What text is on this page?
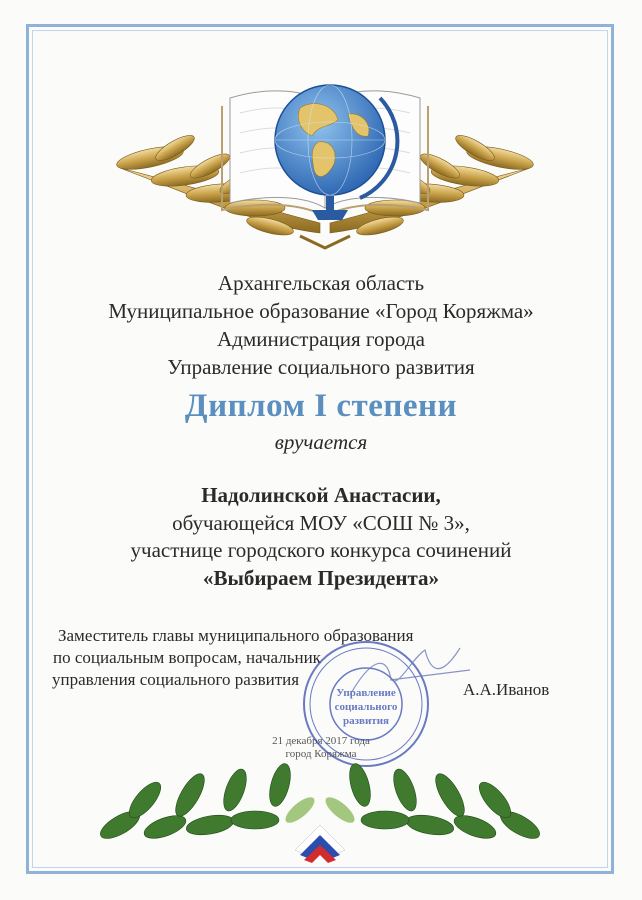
Архангельская область
Муниципальное образование «Город Коряжма»
Администрация города
Управление социального развития
Диплом I степени
вручается
Надолинской Анастасии,
обучающейся МОУ «СОШ № 3»,
участнице городского конкурса сочинений
«Выбираем Президента»
Заместитель главы муниципального образования
по социальным вопросам, начальник
управления социального развития
А.А.Иванов
21 декабря 2017 года
город Коряжма
Управление
социального
развития
